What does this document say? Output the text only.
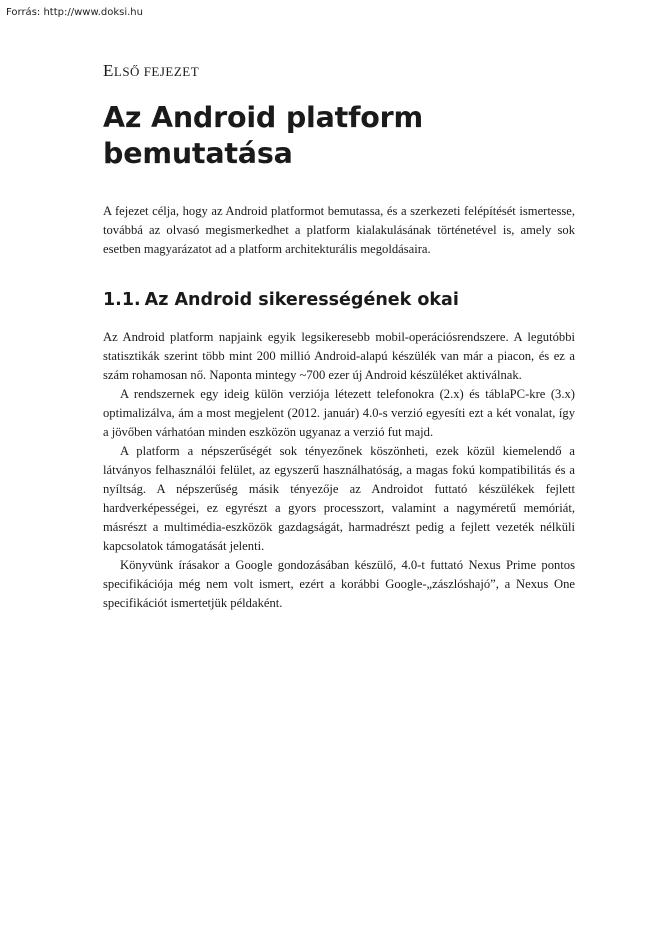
Forrás: http://www.doksi.hu
ELSŐ FEJEZET
Az Android platform bemutatása

A fejezet célja, hogy az Android platformot bemutassa, és a szerkezeti felépítését ismertesse, továbbá az olvasó megismerkedhet a platform kialakulásának történetével is, amely sok esetben magyarázatot ad a platform architekturális megoldásaira.

1.1. Az Android sikerességének okai

Az Android platform napjaink egyik legsikeresebb mobil-operációsrendszere. A legutóbbi statisztikák szerint több mint 200 millió Android-alapú készülék van már a piacon, és ez a szám rohamosan nő. Naponta mintegy ~700 ezer új Android készüléket aktiválnak.

A rendszernek egy ideig külön verziója létezett telefonokra (2.x) és táblaPC-kre (3.x) optimalizálva, ám a most megjelent (2012. január) 4.0-s verzió egyesíti ezt a két vonalat, így a jövőben várhatóan minden eszközön ugyanaz a verzió fut majd.

A platform a népszerűségét sok tényezőnek köszönheti, ezek közül kiemelendő a látványos felhasználói felület, az egyszerű használhatóság, a magas fokú kompatibilitás és a nyíltság. A népszerűség másik tényezője az Androidot futtató készülékek fejlett hardverképességei, ez egyrészt a gyors processzort, valamint a nagyméretű memóriát, másrészt a multimédia-eszközök gazdagságát, harmadrészt pedig a fejlett vezeték nélküli kapcsolatok támogatását jelenti.

Könyvünk írásakor a Google gondozásában készülő, 4.0-t futtató Nexus Prime pontos specifikációja még nem volt ismert, ezért a korábbi Google-„zászlóshajó”, a Nexus One specifikációt ismertetjük példaként.
